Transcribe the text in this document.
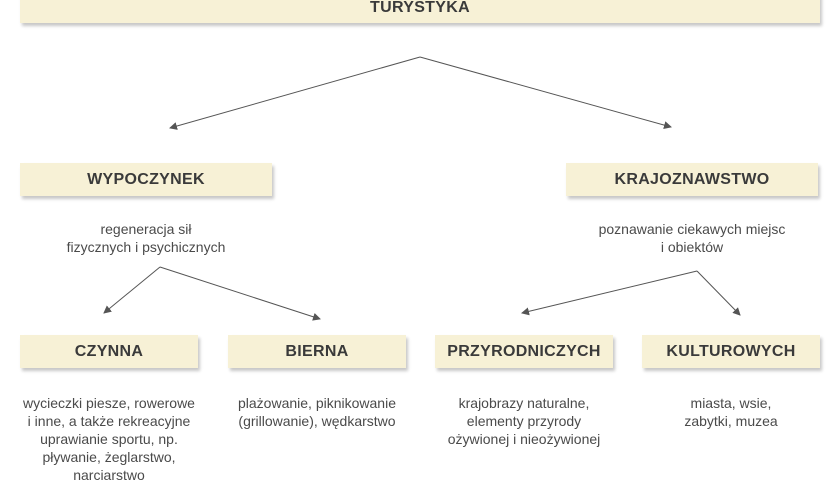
TURYSTYKA
WYPOCZYNEK
regeneracja sił
fizycznych i psychicznych
KRAJOZNAWSTWO
poznawanie ciekawych miejsc
i obiektów
CZYNNA
wycieczki piesze, rowerowe
i inne, a także rekreacyjne
uprawianie sportu, np.
pływanie, żeglarstwo,
narciarstwo
BIERNA
plażowanie, piknikowanie
(grillowanie), wędkarstwo
PRZYRODNICZYCH
krajobrazy naturalne,
elementy przyrody
ożywionej i nieożywionej
KULTUROWYCH
miasta, wsie,
zabytki, muzea
